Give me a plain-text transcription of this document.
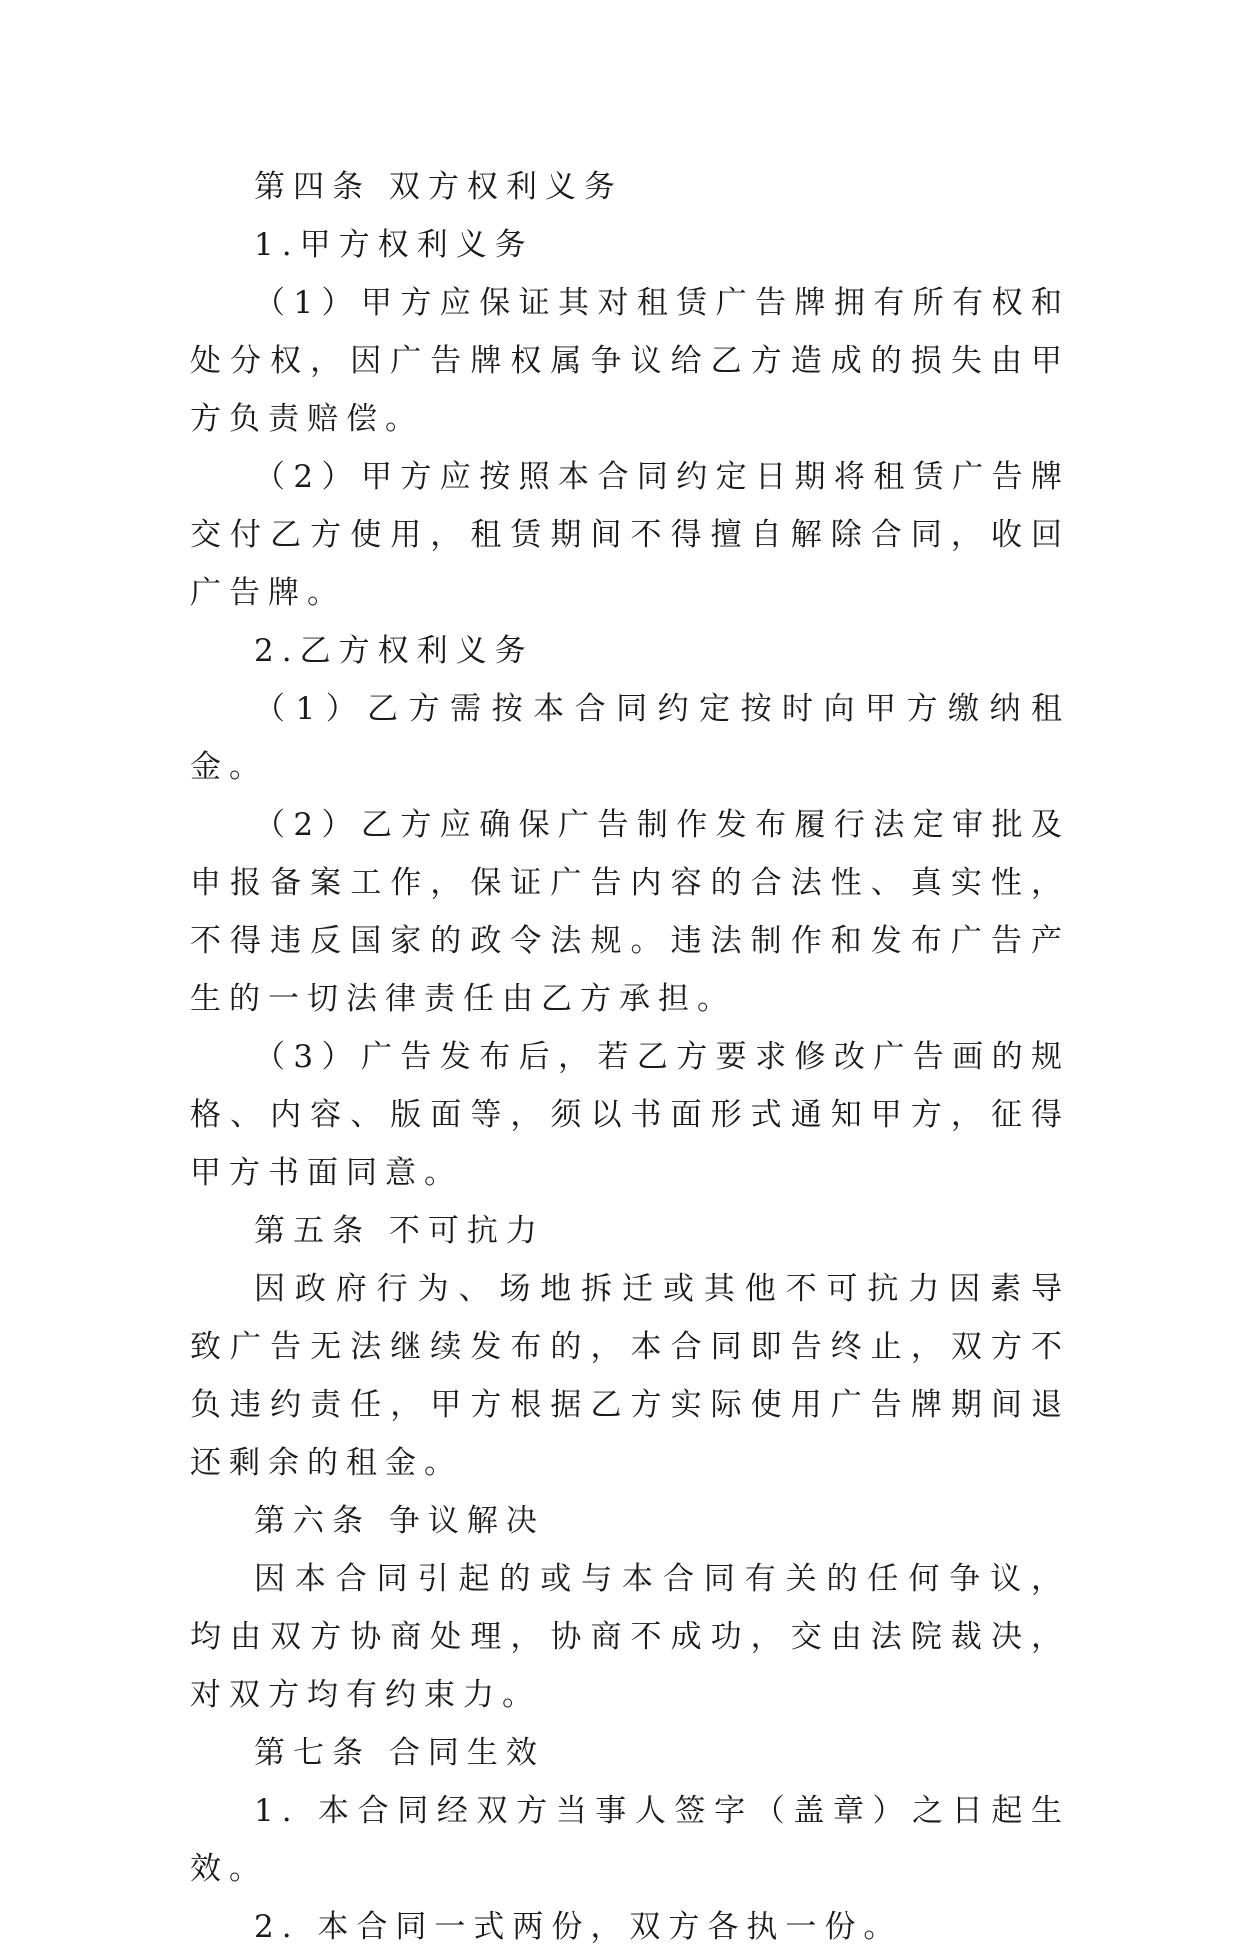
第四条 双方权利义务

1.甲方权利义务

（1）甲方应保证其对租赁广告牌拥有所有权和处分权，因广告牌权属争议给乙方造成的损失由甲方负责赔偿。

（2）甲方应按照本合同约定日期将租赁广告牌交付乙方使用，租赁期间不得擅自解除合同，收回广告牌。

2.乙方权利义务

（1）乙方需按本合同约定按时向甲方缴纳租金。

（2）乙方应确保广告制作发布履行法定审批及申报备案工作，保证广告内容的合法性、真实性，不得违反国家的政令法规。违法制作和发布广告产生的一切法律责任由乙方承担。

（3）广告发布后，若乙方要求修改广告画的规格、内容、版面等，须以书面形式通知甲方，征得甲方书面同意。

第五条 不可抗力

因政府行为、场地拆迁或其他不可抗力因素导致广告无法继续发布的，本合同即告终止，双方不负违约责任，甲方根据乙方实际使用广告牌期间退还剩余的租金。

第六条 争议解决

因本合同引起的或与本合同有关的任何争议，均由双方协商处理，协商不成功，交由法院裁决，对双方均有约束力。

第七条 合同生效

1. 本合同经双方当事人签字（盖章）之日起生效。

2. 本合同一式两份，双方各执一份。
